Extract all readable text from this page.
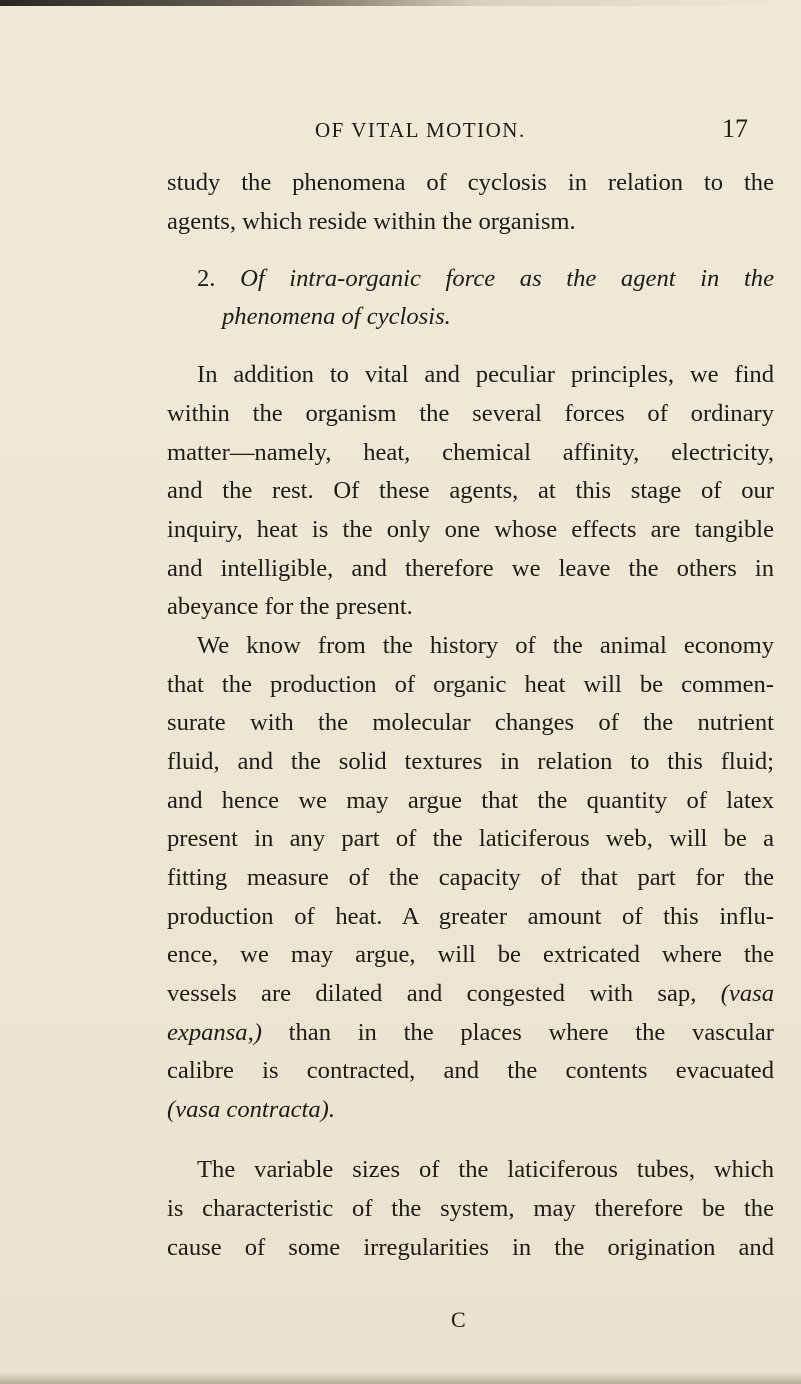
OF VITAL MOTION.	17
study the phenomena of cyclosis in relation to the
agents, which reside within the organism.
2. Of intra-organic force as the agent in the
phenomena of cyclosis.
In addition to vital and peculiar principles, we find
within the organism the several forces of ordinary
matter—namely, heat, chemical affinity, electricity,
and the rest. Of these agents, at this stage of our
inquiry, heat is the only one whose effects are tangible
and intelligible, and therefore we leave the others in
abeyance for the present.
We know from the history of the animal economy
that the production of organic heat will be commen-
surate with the molecular changes of the nutrient
fluid, and the solid textures in relation to this fluid;
and hence we may argue that the quantity of latex
present in any part of the laticiferous web, will be a
fitting measure of the capacity of that part for the
production of heat. A greater amount of this influ-
ence, we may argue, will be extricated where the
vessels are dilated and congested with sap, (vasa
expansa,) than in the places where the vascular
calibre is contracted, and the contents evacuated
(vasa contracta).
The variable sizes of the laticiferous tubes, which
is characteristic of the system, may therefore be the
cause of some irregularities in the origination and
C
